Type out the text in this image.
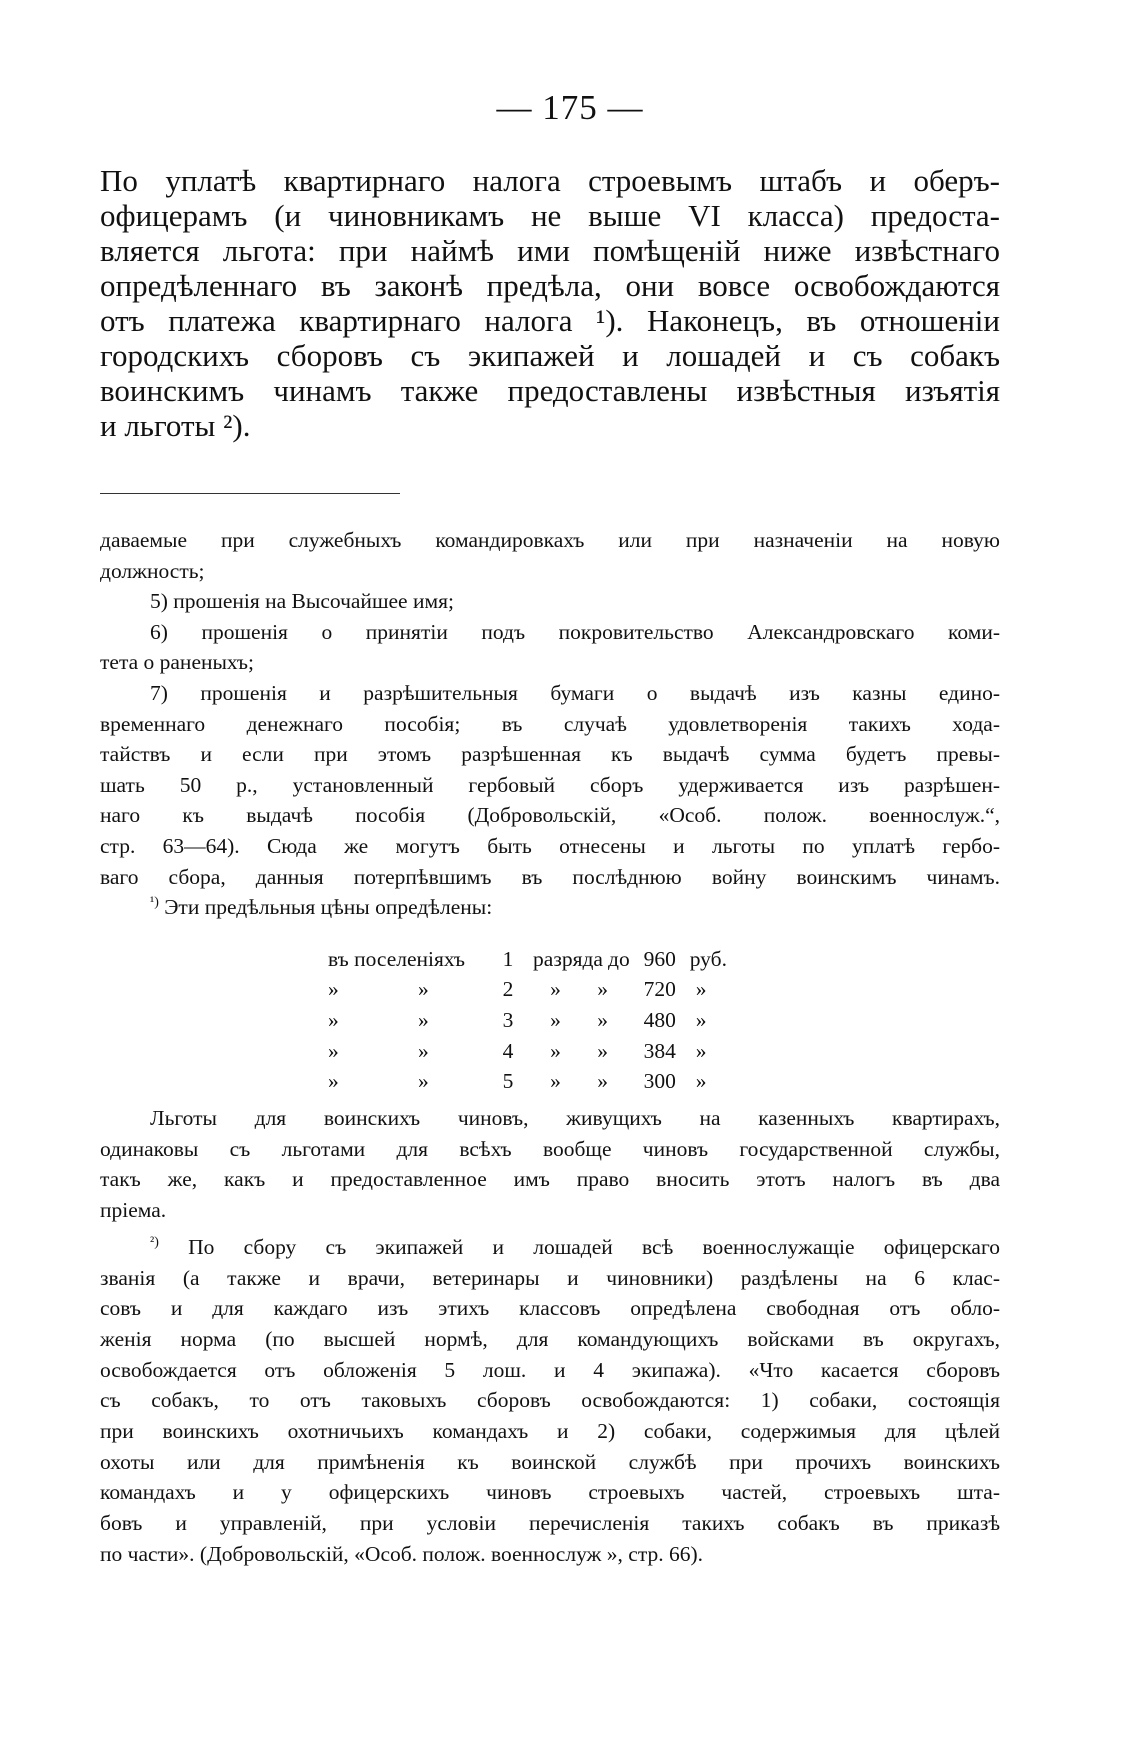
— 175 —
По уплатѣ квартирнаго налога строевымъ штабъ и оберъ-
офицерамъ (и чиновникамъ не выше VI класса) предоста-
вляется льгота: при наймѣ ими помѣщеній ниже извѣстнаго
опредѣленнаго въ законѣ предѣла, они вовсе освобождаются
отъ платежа квартирнаго налога ¹). Наконецъ, въ отношеніи
городскихъ сборовъ съ экипажей и лошадей и съ собакъ
воинскимъ чинамъ также предоставлены извѣстныя изъятія
и льготы ²).
даваемые при служебныхъ командировкахъ или при назначеніи на новую
должность;
5) прошенія на Высочайшее имя;
6) прошенія о принятіи подъ покровительство Александровскаго коми-
тета о раненыхъ;
7) прошенія и разрѣшительныя бумаги о выдачѣ изъ казны едино-
временнаго денежнаго пособія; въ случаѣ удовлетворенія такихъ хода-
тайствъ и если при этомъ разрѣшенная къ выдачѣ сумма будетъ превы-
шать 50 р., установленный гербовый сборъ удерживается изъ разрѣшен-
наго къ выдачѣ пособія (Добровольскій, «Особ. полож. военнослуж.“,
стр. 63—64). Сюда же могутъ быть отнесены и льготы по уплатѣ гербо-
ваго сбора, данныя потерпѣвшимъ въ послѣднюю войну воинскимъ чинамъ.
$^{^1)}$ Эти предѣльныя цѣны опредѣлены:
въ поселеніяхъ		1	разряда		до	960	руб.
»	»	2	»	»		720	»
»	»	3	»	»		480	»
»	»	4	»	»		384	»
»	»	5	»	»		300	»
Льготы для воинскихъ чиновъ, живущихъ на казенныхъ квартирахъ,
одинаковы съ льготами для всѣхъ вообще чиновъ государственной службы,
такъ же, какъ и предоставленное имъ право вносить этотъ налогъ въ два
пріема.
$^{^2)}$ По сбору съ экипажей и лошадей всѣ военнослужащіе офицерскаго
званія (а также и врачи, ветеринары и чиновники) раздѣлены на 6 клас-
совъ и для каждаго изъ этихъ классовъ опредѣлена свободная отъ обло-
женія норма (по высшей нормѣ, для командующихъ войсками въ округахъ,
освобождается отъ обложенія 5 лош. и 4 экипажа). «Что касается сборовъ
съ собакъ, то отъ таковыхъ сборовъ освобождаются: 1) собаки, состоящія
при воинскихъ охотничьихъ командахъ и 2) собаки, содержимыя для цѣлей
охоты или для примѣненія къ воинской службѣ при прочихъ воинскихъ
командахъ и у офицерскихъ чиновъ строевыхъ частей, строевыхъ шта-
бовъ и управленій, при условіи перечисленія такихъ собакъ въ приказѣ
по части». (Добровольскій, «Особ. полож. военнослуж », стр. 66).
